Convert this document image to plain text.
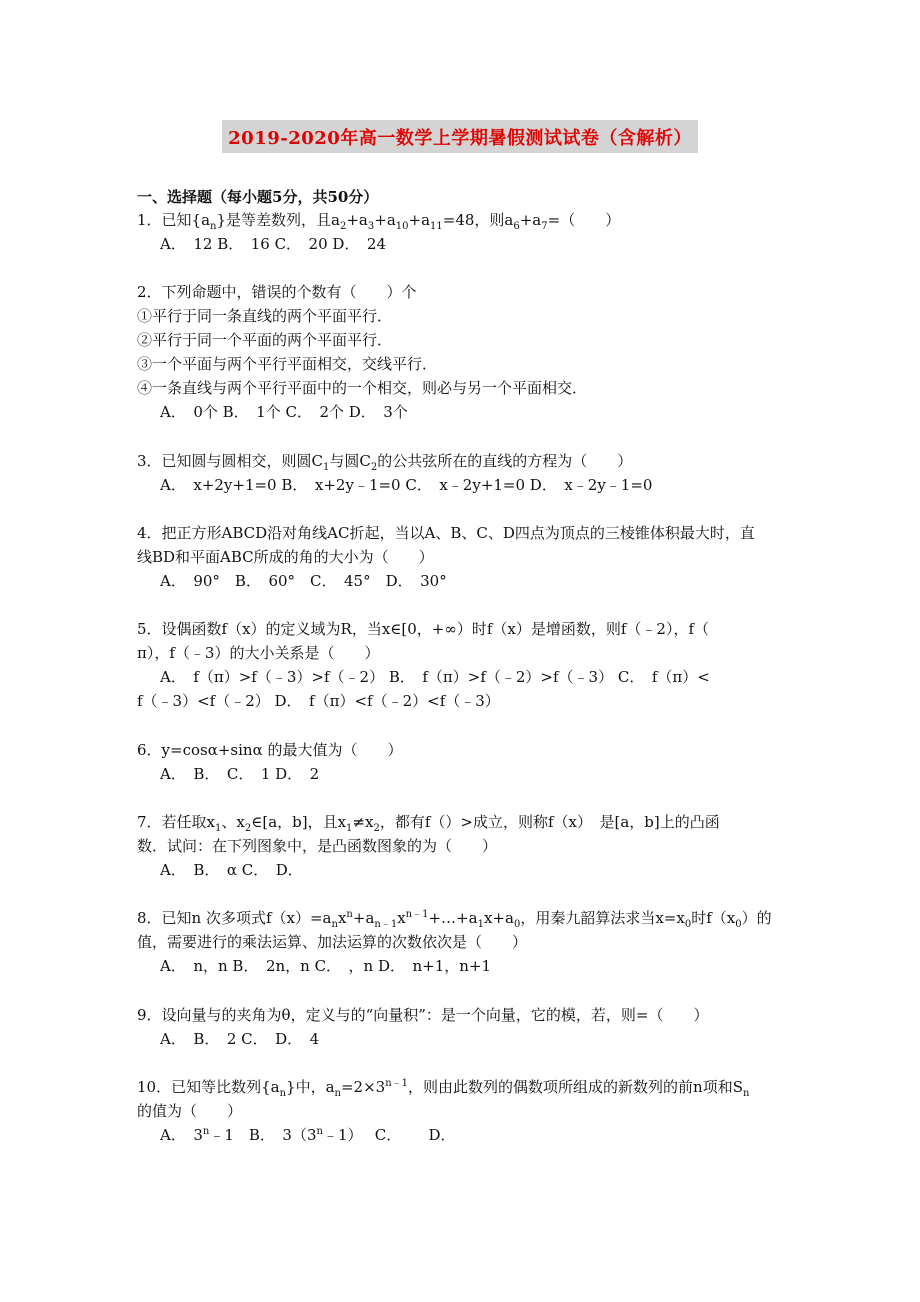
2019-2020年高一数学上学期暑假测试试卷（含解析）
一、选择题（每小题5分，共50分）
1．已知$\{a_n\}$是等差数列，且$a_2+a_3+a_{10}+a_{11}=48$，则$a_6+a_7=$（　　）
A．　12 B．　16 C．　20 D．　24
2．下列命题中，错误的个数有（　　）个
①平行于同一条直线的两个平面平行．
②平行于同一个平面的两个平面平行．
③一个平面与两个平行平面相交，交线平行．
④一条直线与两个平行平面中的一个相交，则必与另一个平面相交．
A．　0个 B．　1个 C．　2个 D．　3个
3．已知圆与圆相交，则圆$C_1$与圆$C_2$的公共弦所在的直线的方程为（　　）
A．　x+2y+1=0 B．　x+2y﹣1=0 C．　x﹣2y+1=0 D．　x﹣2y﹣1=0
4．把正方形ABCD沿对角线AC折起，当以A、B、C、D四点为顶点的三棱锥体积最大时，直
线BD和平面ABC所成的角的大小为（　　）
A．　90°　B．　60°　C．　45°　D．　30°
5．设偶函数f（x）的定义域为R，当x∈[0，+∞）时f（x）是增函数，则f（﹣2），f（
π），f（﹣3）的大小关系是（　　）
A．　f（π）>f（﹣3）>f（﹣2） B．　f（π）>f（﹣2）>f（﹣3） C．　f（π）<
f（﹣3）<f（﹣2） D．　f（π）<f（﹣2）<f（﹣3）
6．y=cosα+sinα 的最大值为（　　）
A．　B．　C．　1 D．　2
7．若任取$x_1$、$x_2\in[a$，b]，且$x_1\ne x_2$，都有f（）>成立，则称f（x）　是[a，b]上的凸函
数．试问：在下列图象中，是凸函数图象的为（　　）
A．　B．　α C．　D．
8．已知n 次多项式$f(x)=a_nx^n+a_{n﹣1}x^{n﹣1}+\dots+a_1x+a_0$，用秦九韶算法求当$x=x_0$时$f(x_0)$的
值，需要进行的乘法运算、加法运算的次数依次是（　　）
A．　n，n B．　2n，n C．　，n D．　n+1，n+1
9．设向量与的夹角为θ，定义与的“向量积”：是一个向量，它的模，若，则=（　　）
A．　B．　2 C．　D．　4
10．已知等比数列$\{a_n\}$中，$a_n=2\times 3^{n﹣1}$，则由此数列的偶数项所组成的新数列的前n项和$S_n$
的值为（　　）
A．　3$^n$﹣1　B．　3（3$^n$﹣1）　 C．　　 D．
